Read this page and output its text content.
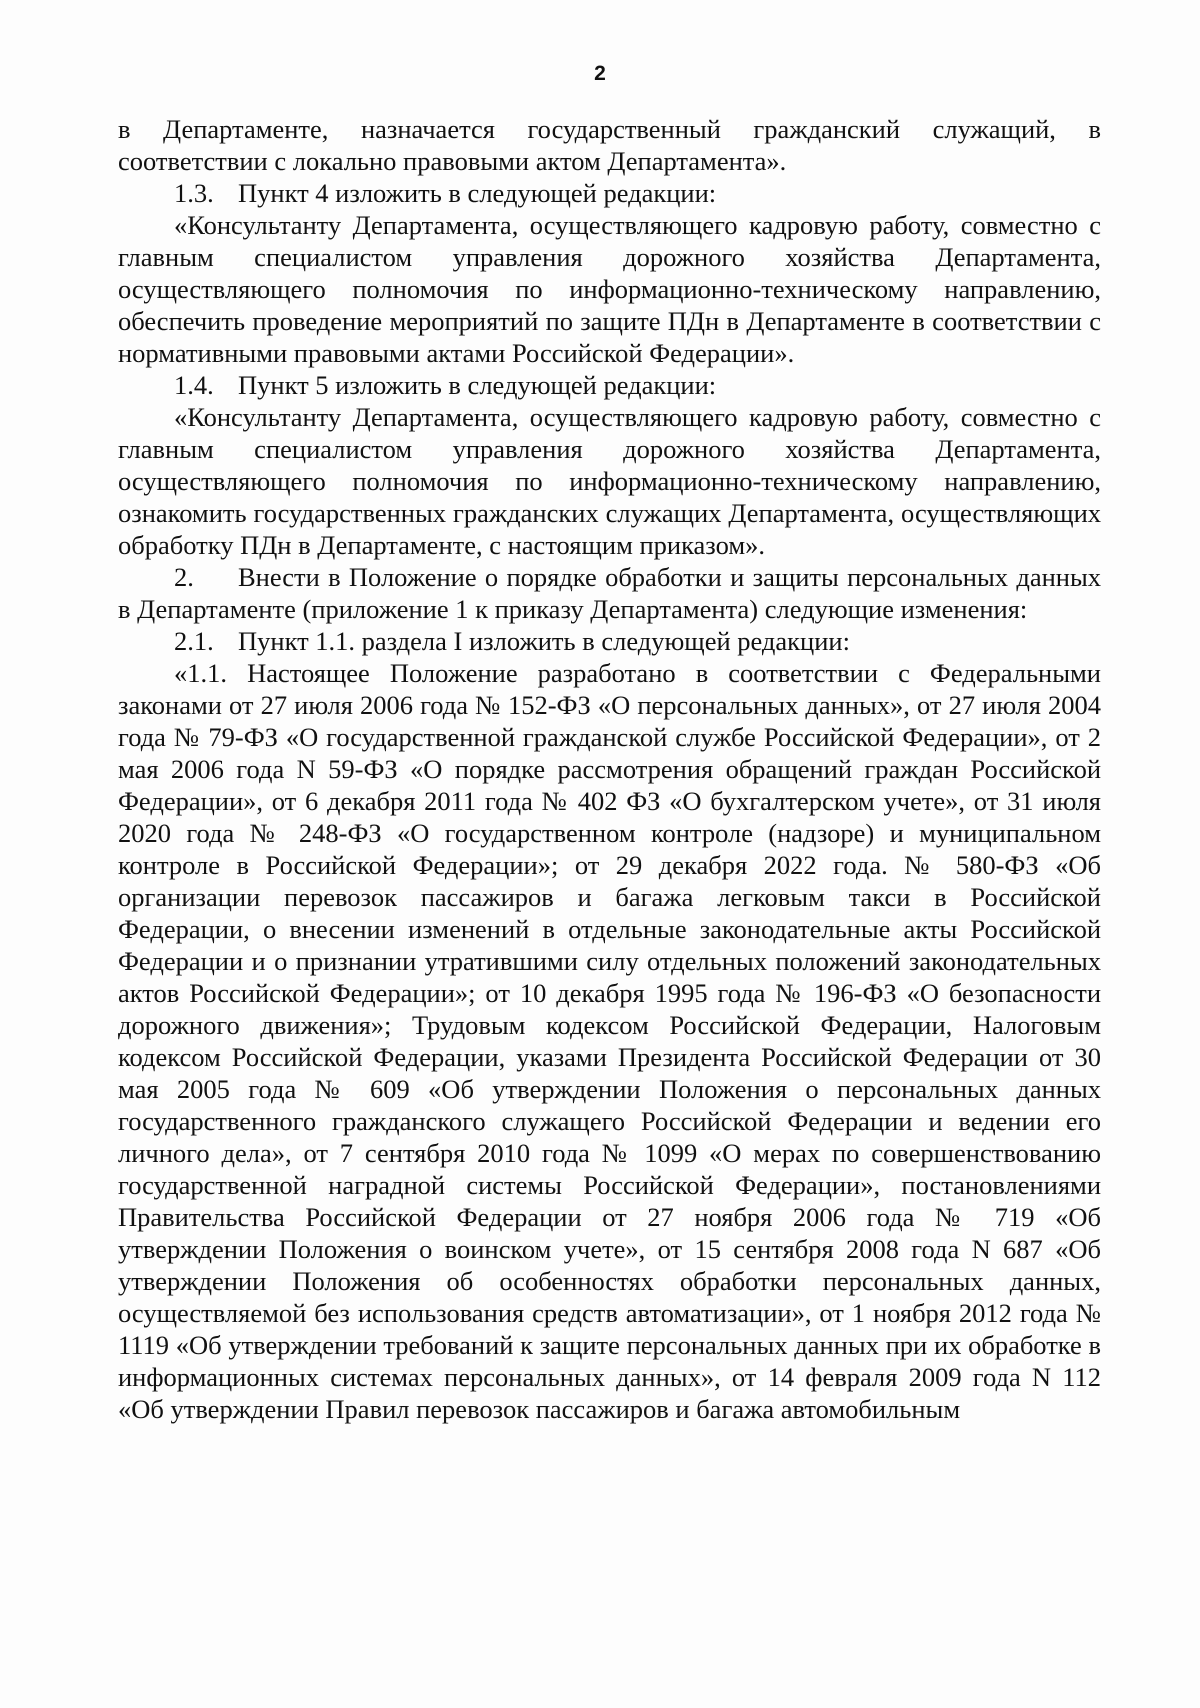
2

в Департаменте, назначается государственный гражданский служащий, в соответствии с локально правовыми актом Департамента».

1.3. Пункт 4 изложить в следующей редакции:

«Консультанту Департамента, осуществляющего кадровую работу, совместно с главным специалистом управления дорожного хозяйства Департамента, осуществляющего полномочия по информационно-техническому направлению, обеспечить проведение мероприятий по защите ПДн в Департаменте в соответствии с нормативными правовыми актами Российской Федерации».

1.4. Пункт 5 изложить в следующей редакции:

«Консультанту Департамента, осуществляющего кадровую работу, совместно с главным специалистом управления дорожного хозяйства Департамента, осуществляющего полномочия по информационно-техническому направлению, ознакомить государственных гражданских служащих Департамента, осуществляющих обработку ПДн в Департаменте, с настоящим приказом».

2. Внести в Положение о порядке обработки и защиты персональных данных в Департаменте (приложение 1 к приказу Департамента) следующие изменения:

2.1. Пункт 1.1. раздела I изложить в следующей редакции:

«1.1. Настоящее Положение разработано в соответствии с Федеральными законами от 27 июля 2006 года № 152-ФЗ «О персональных данных», от 27 июля 2004 года № 79-ФЗ «О государственной гражданской службе Российской Федерации», от 2 мая 2006 года N 59-ФЗ «О порядке рассмотрения обращений граждан Российской Федерации», от 6 декабря 2011 года № 402 ФЗ «О бухгалтерском учете», от 31 июля 2020 года № 248-ФЗ «О государственном контроле (надзоре) и муниципальном контроле в Российской Федерации»; от 29 декабря 2022 года. № 580-ФЗ «Об организации перевозок пассажиров и багажа легковым такси в Российской Федерации, о внесении изменений в отдельные законодательные акты Российской Федерации и о признании утратившими силу отдельных положений законодательных актов Российской Федерации»; от 10 декабря 1995 года № 196-ФЗ «О безопасности дорожного движения»; Трудовым кодексом Российской Федерации, Налоговым кодексом Российской Федерации, указами Президента Российской Федерации от 30 мая 2005 года № 609 «Об утверждении Положения о персональных данных государственного гражданского служащего Российской Федерации и ведении его личного дела», от 7 сентября 2010 года № 1099 «О мерах по совершенствованию государственной наградной системы Российской Федерации», постановлениями Правительства Российской Федерации от 27 ноября 2006 года № 719 «Об утверждении Положения о воинском учете», от 15 сентября 2008 года N 687 «Об утверждении Положения об особенностях обработки персональных данных, осуществляемой без использования средств автоматизации», от 1 ноября 2012 года № 1119 «Об утверждении требований к защите персональных данных при их обработке в информационных системах персональных данных», от 14 февраля 2009 года N 112 «Об утверждении Правил перевозок пассажиров и багажа автомобильным
